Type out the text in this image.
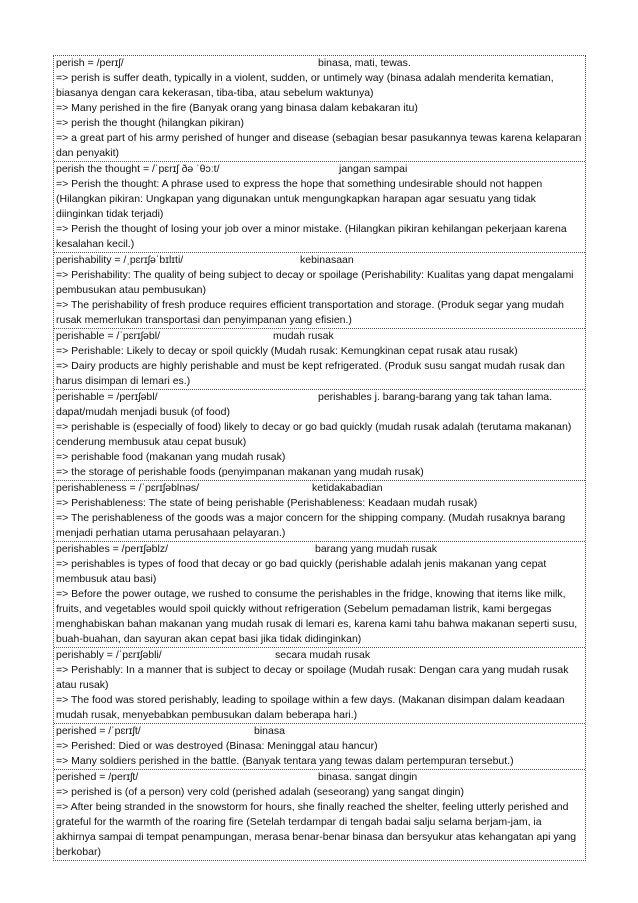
perish = /perɪʃ/	binasa, mati, tewas.
=> perish is suffer death, typically in a violent, sudden, or untimely way (binasa adalah menderita kematian, biasanya dengan cara kekerasan, tiba-tiba, atau sebelum waktunya)
=> Many perished in the fire (Banyak orang yang binasa dalam kebakaran itu)
=> perish the thought (hilangkan pikiran)
=> a great part of his army perished of hunger and disease (sebagian besar pasukannya tewas karena kelaparan dan penyakit)
perish the thought = /ˈpɛrɪʃ ðə ˈθɔːt/	jangan sampai
=> Perish the thought: A phrase used to express the hope that something undesirable should not happen (Hilangkan pikiran: Ungkapan yang digunakan untuk mengungkapkan harapan agar sesuatu yang tidak diinginkan tidak terjadi)
=> Perish the thought of losing your job over a minor mistake. (Hilangkan pikiran kehilangan pekerjaan karena kesalahan kecil.)
perishability = /ˌpɛrɪʃəˈbɪlɪti/	kebinasaan
=> Perishability: The quality of being subject to decay or spoilage (Perishability: Kualitas yang dapat mengalami pembusukan atau pembusukan)
=> The perishability of fresh produce requires efficient transportation and storage. (Produk segar yang mudah rusak memerlukan transportasi dan penyimpanan yang efisien.)
perishable = /ˈpɛrɪʃəbl/	mudah rusak
=> Perishable: Likely to decay or spoil quickly (Mudah rusak: Kemungkinan cepat rusak atau rusak)
=> Dairy products are highly perishable and must be kept refrigerated. (Produk susu sangat mudah rusak dan harus disimpan di lemari es.)
perishable = /perɪʃəbl/	perishables j. barang-barang yang tak tahan lama.
dapat/mudah menjadi busuk (of food)
=> perishable is (especially of food) likely to decay or go bad quickly (mudah rusak adalah (terutama makanan) cenderung membusuk atau cepat busuk)
=> perishable food (makanan yang mudah rusak)
=> the storage of perishable foods (penyimpanan makanan yang mudah rusak)
perishableness = /ˈpɛrɪʃəblnəs/	ketidakabadian
=> Perishableness: The state of being perishable (Perishableness: Keadaan mudah rusak)
=> The perishableness of the goods was a major concern for the shipping company. (Mudah rusaknya barang menjadi perhatian utama perusahaan pelayaran.)
perishables = /perɪʃəblz/	barang yang mudah rusak
=> perishables is types of food that decay or go bad quickly (perishable adalah jenis makanan yang cepat membusuk atau basi)
=> Before the power outage, we rushed to consume the perishables in the fridge, knowing that items like milk, fruits, and vegetables would spoil quickly without refrigeration (Sebelum pemadaman listrik, kami bergegas menghabiskan bahan makanan yang mudah rusak di lemari es, karena kami tahu bahwa makanan seperti susu, buah-buahan, dan sayuran akan cepat basi jika tidak didinginkan)
perishably = /ˈpɛrɪʃəbli/	secara mudah rusak
=> Perishably: In a manner that is subject to decay or spoilage (Mudah rusak: Dengan cara yang mudah rusak atau rusak)
=> The food was stored perishably, leading to spoilage within a few days. (Makanan disimpan dalam keadaan mudah rusak, menyebabkan pembusukan dalam beberapa hari.)
perished = /ˈpɛrɪʃt/	binasa
=> Perished: Died or was destroyed (Binasa: Meninggal atau hancur)
=> Many soldiers perished in the battle. (Banyak tentara yang tewas dalam pertempuran tersebut.)
perished = /perɪʃt/	binasa. sangat dingin
=> perished is (of a person) very cold (perished adalah (seseorang) yang sangat dingin)
=> After being stranded in the snowstorm for hours, she finally reached the shelter, feeling utterly perished and grateful for the warmth of the roaring fire (Setelah terdampar di tengah badai salju selama berjam-jam, ia akhirnya sampai di tempat penampungan, merasa benar-benar binasa dan bersyukur atas kehangatan api yang berkobar)
